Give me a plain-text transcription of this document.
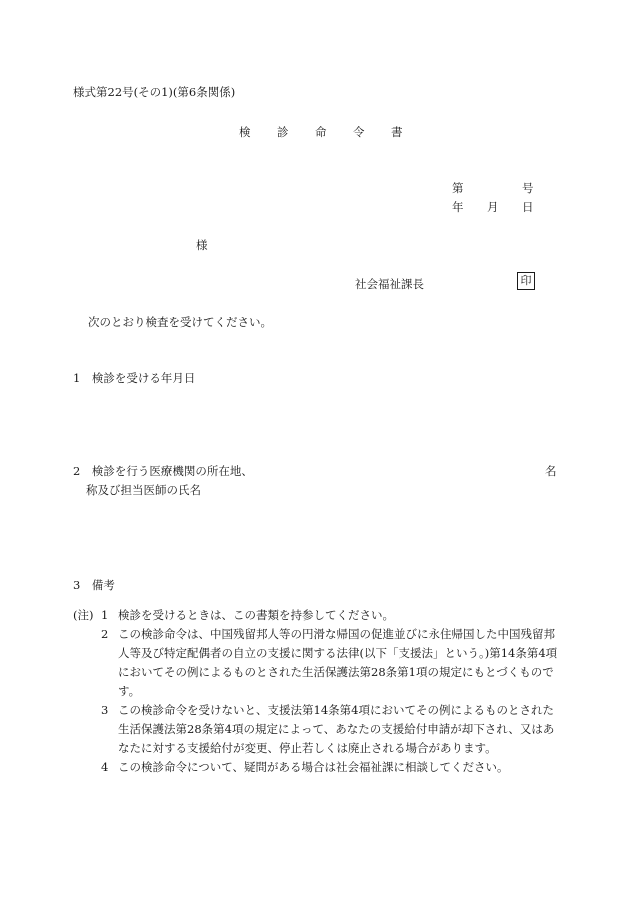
様式第22号(その1)(第6条関係)
検 診 命 令 書
第	号
年 月 日
様
社会福祉課長	印
次のとおり検査を受けてください。
1　検診を受ける年月日
2　検診を行う医療機関の所在地、	名
称及び担当医師の氏名
3　備考
(注) 1 検診を受けるときは、この書類を持参してください。
2 この検診命令は、中国残留邦人等の円滑な帰国の促進並びに永住帰国した中国残留邦人等及び特定配偶者の自立の支援に関する法律(以下「支援法」という。)第14条第4項においてその例によるものとされた生活保護法第28条第1項の規定にもとづくものです。
3 この検診命令を受けないと、支援法第14条第4項においてその例によるものとされた生活保護法第28条第4項の規定によって、あなたの支援給付申請が却下され、又はあなたに対する支援給付が変更、停止若しくは廃止される場合があります。
4 この検診命令について、疑問がある場合は社会福祉課に相談してください。
